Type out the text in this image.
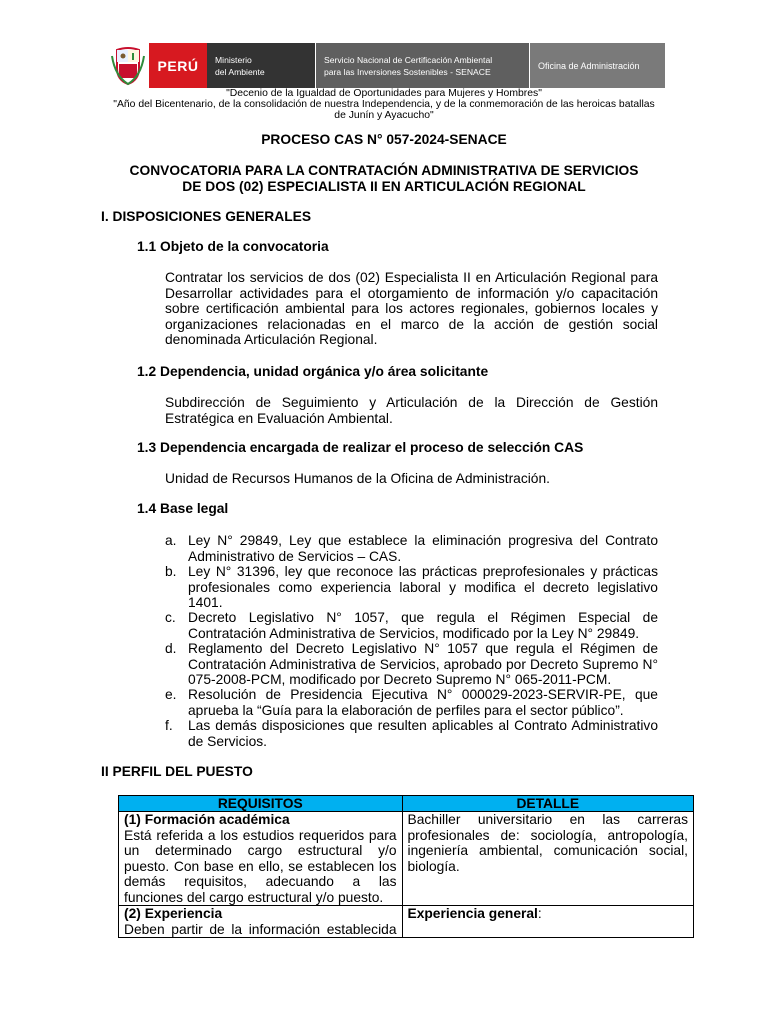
PERÚ	Ministerio
del Ambiente
Servicio Nacional de Certificación Ambiental
para las Inversiones Sostenibles - SENACE
Oficina de Administración
"Decenio de la Igualdad de Oportunidades para Mujeres y Hombres"
"Año del Bicentenario, de la consolidación de nuestra Independencia, y de la conmemoración de las heroicas batallas
de Junín y Ayacucho"
PROCESO CAS N° 057-2024-SENACE
CONVOCATORIA PARA LA CONTRATACIÓN ADMINISTRATIVA DE SERVICIOS
DE DOS (02) ESPECIALISTA II EN ARTICULACIÓN REGIONAL
I. DISPOSICIONES GENERALES
1.1 Objeto de la convocatoria
Contratar los servicios de dos (02) Especialista II en Articulación Regional para Desarrollar actividades para el otorgamiento de información y/o capacitación sobre certificación ambiental para los actores regionales, gobiernos locales y organizaciones relacionadas en el marco de la acción de gestión social denominada Articulación Regional.
1.2 Dependencia, unidad orgánica y/o área solicitante
Subdirección de Seguimiento y Articulación de la Dirección de Gestión Estratégica en Evaluación Ambiental.
1.3 Dependencia encargada de realizar el proceso de selección CAS
Unidad de Recursos Humanos de la Oficina de Administración.
1.4 Base legal
a. Ley N° 29849, Ley que establece la eliminación progresiva del Contrato Administrativo de Servicios – CAS.
b. Ley N° 31396, ley que reconoce las prácticas preprofesionales y prácticas profesionales como experiencia laboral y modifica el decreto legislativo 1401.
c. Decreto Legislativo N° 1057, que regula el Régimen Especial de Contratación Administrativa de Servicios, modificado por la Ley N° 29849.
d. Reglamento del Decreto Legislativo N° 1057 que regula el Régimen de Contratación Administrativa de Servicios, aprobado por Decreto Supremo N° 075-2008-PCM, modificado por Decreto Supremo N° 065-2011-PCM.
e. Resolución de Presidencia Ejecutiva N° 000029-2023-SERVIR-PE, que aprueba la “Guía para la elaboración de perfiles para el sector público”.
f. Las demás disposiciones que resulten aplicables al Contrato Administrativo de Servicios.
II PERFIL DEL PUESTO
REQUISITOS	DETALLE

(1) Formación académica
Está referida a los estudios requeridos para un determinado cargo estructural y/o puesto. Con base en ello, se establecen los demás requisitos, adecuando a las funciones del cargo estructural y/o puesto.	Bachiller universitario en las carreras profesionales de: sociología, antropología, ingeniería ambiental, comunicación social, biología.

(2) Experiencia
Deben partir de la información establecida	Experiencia general:
